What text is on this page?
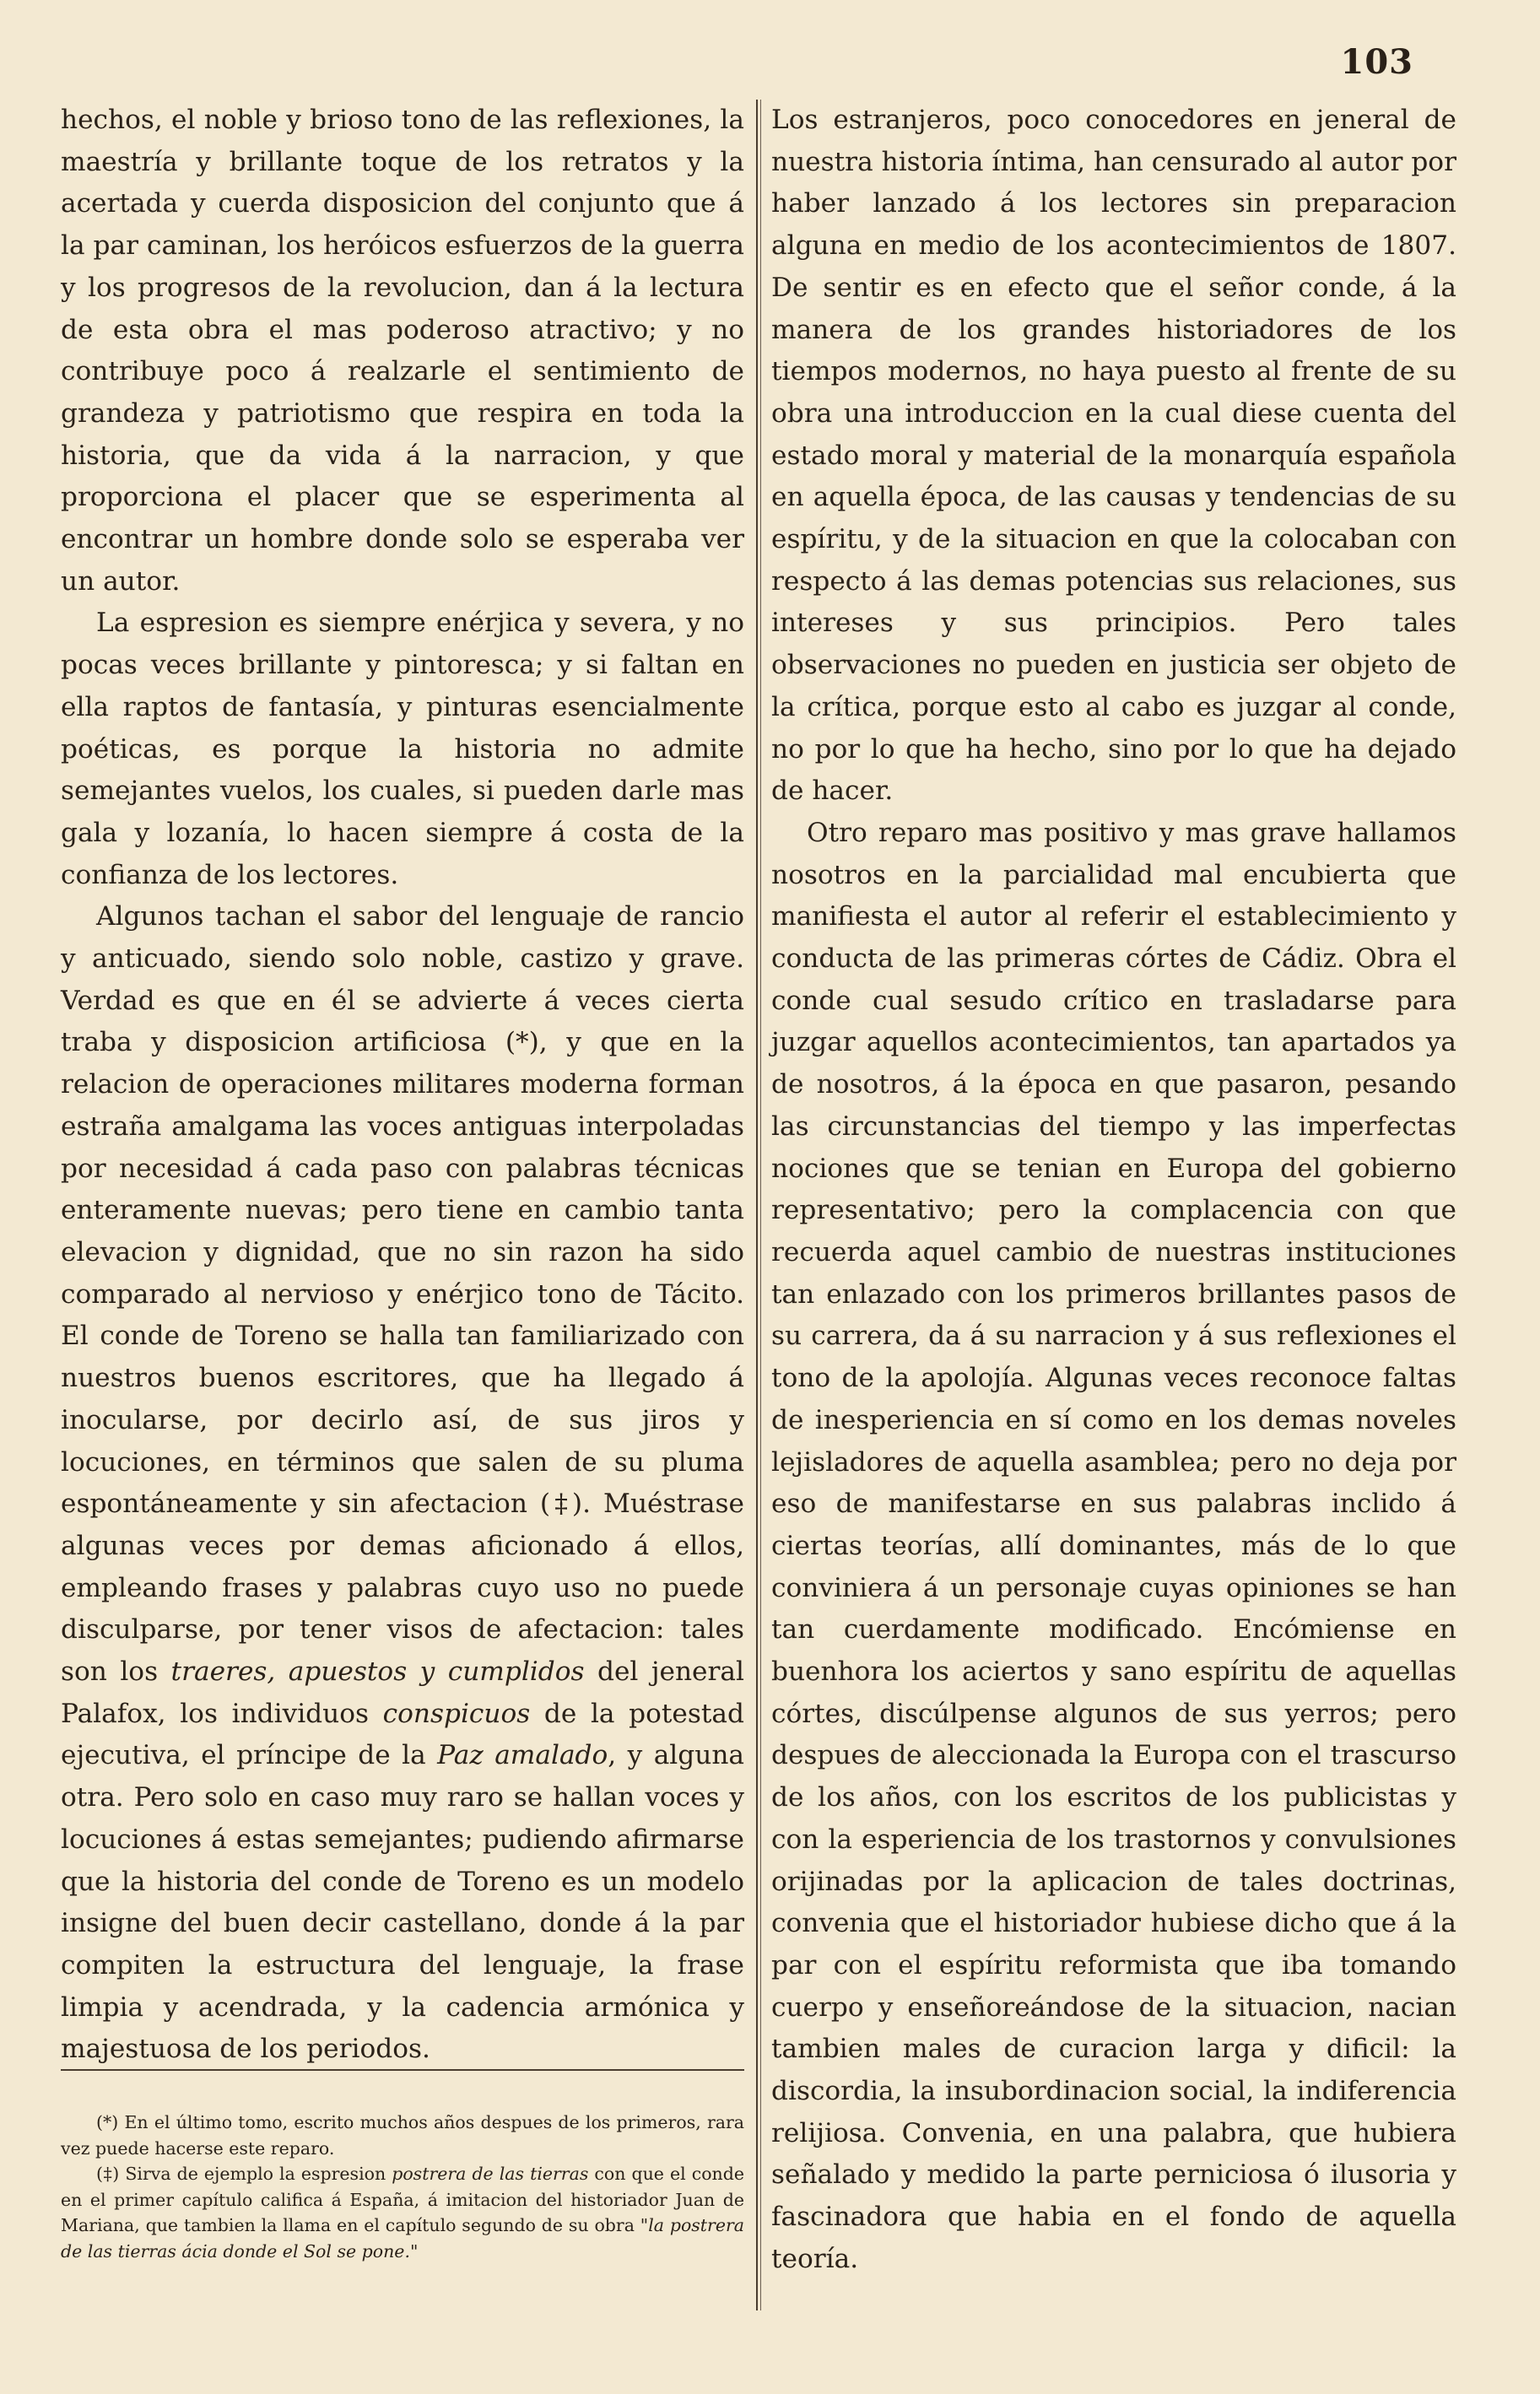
103

hechos, el noble y brioso tono de las reflexiones, la maestría y brillante toque de los retratos y la acertada y cuerda disposicion del conjunto que á la par caminan, los heróicos esfuerzos de la guerra y los progresos de la revolucion, dan á la lectura de esta obra el mas poderoso atractivo; y no contribuye poco á realzarle el sentimiento de grandeza y patriotismo que respira en toda la historia, que da vida á la narracion, y que proporciona el placer que se esperimenta al encontrar un hombre donde solo se esperaba ver un autor.

La espresion es siempre enérjica y severa, y no pocas veces brillante y pintoresca; y si faltan en ella raptos de fantasía, y pinturas esencialmente poéticas, es porque la historia no admite semejantes vuelos, los cuales, si pueden darle mas gala y lozanía, lo hacen siempre á costa de la confianza de los lectores.

Algunos tachan el sabor del lenguaje de rancio y anticuado, siendo solo noble, castizo y grave. Verdad es que en él se advierte á veces cierta traba y disposicion artificiosa (*), y que en la relacion de operaciones militares moderna forman estraña amalgama las voces antiguas interpoladas por necesidad á cada paso con palabras técnicas enteramente nuevas; pero tiene en cambio tanta elevacion y dignidad, que no sin razon ha sido comparado al nervioso y enérjico tono de Tácito. El conde de Toreno se halla tan familiarizado con nuestros buenos escritores, que ha llegado á inocularse, por decirlo así, de sus jiros y locuciones, en términos que salen de su pluma espontáneamente y sin afectacion (‡). Muéstrase algunas veces por demas aficionado á ellos, empleando frases y palabras cuyo uso no puede disculparse, por tener visos de afectacion: tales son los traeres, apuestos y cumplidos del jeneral Palafox, los individuos conspicuos de la potestad ejecutiva, el príncipe de la Paz amalado, y alguna otra. Pero solo en caso muy raro se hallan voces y locuciones á estas semejantes; pudiendo afirmarse que la historia del conde de Toreno es un modelo insigne del buen decir castellano, donde á la par compiten la estructura del lenguaje, la frase limpia y acendrada, y la cadencia armónica y majestuosa de los periodos.

Los estranjeros, poco conocedores en jeneral de nuestra historia íntima, han censurado al autor por haber lanzado á los lectores sin preparacion alguna en medio de los acontecimientos de 1807. De sentir es en efecto que el señor conde, á la manera de los grandes historiadores de los tiempos modernos, no haya puesto al frente de su obra una introduccion en la cual diese cuenta del estado moral y material de la monarquía española en aquella época, de las causas y tendencias de su espíritu, y de la situacion en que la colocaban con respecto á las demas potencias sus relaciones, sus intereses y sus principios. Pero tales observaciones no pueden en justicia ser objeto de la crítica, porque esto al cabo es juzgar al conde, no por lo que ha hecho, sino por lo que ha dejado de hacer.

Otro reparo mas positivo y mas grave hallamos nosotros en la parcialidad mal encubierta que manifiesta el autor al referir el establecimiento y conducta de las primeras córtes de Cádiz. Obra el conde cual sesudo crítico en trasladarse para juzgar aquellos acontecimientos, tan apartados ya de nosotros, á la época en que pasaron, pesando las circunstancias del tiempo y las imperfectas nociones que se tenian en Europa del gobierno representativo; pero la complacencia con que recuerda aquel cambio de nuestras instituciones tan enlazado con los primeros brillantes pasos de su carrera, da á su narracion y á sus reflexiones el tono de la apolojía. Algunas veces reconoce faltas de inesperiencia en sí como en los demas noveles lejisladores de aquella asamblea; pero no deja por eso de manifestarse en sus palabras inclido á ciertas teorías, allí dominantes, más de lo que conviniera á un personaje cuyas opiniones se han tan cuerdamente modificado. Encómiense en buenhora los aciertos y sano espíritu de aquellas córtes, discúlpense algunos de sus yerros; pero despues de aleccionada la Europa con el trascurso de los años, con los escritos de los publicistas y con la esperiencia de los trastornos y convulsiones orijinadas por la aplicacion de tales doctrinas, convenia que el historiador hubiese dicho que á la par con el espíritu reformista que iba tomando cuerpo y enseñoreándose de la situacion, nacian tambien males de curacion larga y dificil: la discordia, la insubordinacion social, la indiferencia relijiosa. Convenia, en una palabra, que hubiera señalado y medido la parte perniciosa ó ilusoria y fascinadora que habia en el fondo de aquella teoría.

(*) En el último tomo, escrito muchos años despues de los primeros, rara vez puede hacerse este reparo.

(‡) Sirva de ejemplo la espresion postrera de las tierras con que el conde en el primer capítulo califica á España, á imitacion del historiador Juan de Mariana, que tambien la llama en el capítulo segundo de su obra "la postrera de las tierras ácia donde el Sol se pone."
